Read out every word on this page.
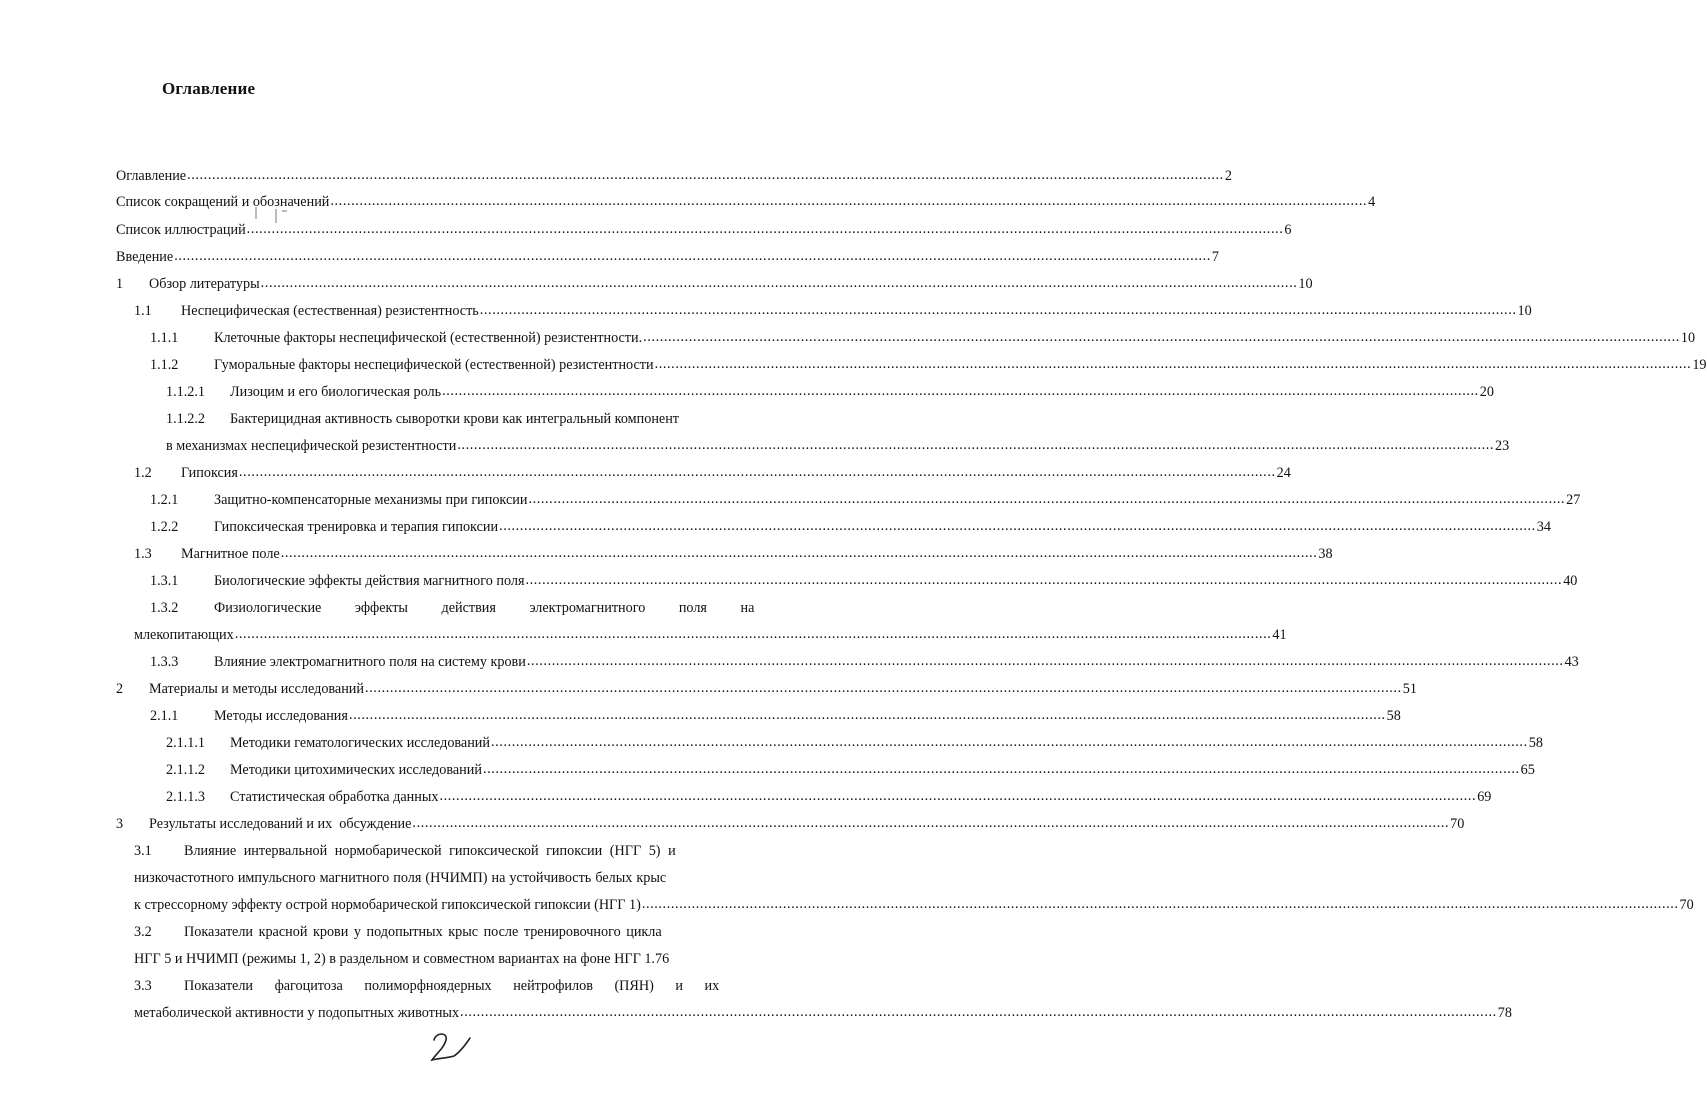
Оглавление
Оглавление .....	2
Список сокращений и обозначений .....	4
Список иллюстраций .....	6
Введение .....	7
1	Обзор литературы .....	10
1.1	Неспецифическая (естественная) резистентность .....	10
1.1.1	Клеточные факторы неспецифической (естественной) резистентности. .....	10
1.1.2	Гуморальные факторы неспецифической (естественной) резистентности .....	19
1.1.2.1	Лизоцим и его биологическая роль .....	20
1.1.2.2	Бактерицидная активность сыворотки крови как интегральный компонент
в механизмах неспецифической резистентности .....	23
1.2	Гипоксия .....	24
1.2.1	Защитно-компенсаторные механизмы при гипоксии .....	27
1.2.2	Гипоксическая тренировка и терапия гипоксии .....	34
1.3	Магнитное поле .....	38
1.3.1	Биологические эффекты действия магнитного поля .....	40
1.3.2	Физиологические эффекты действия электромагнитного поля на
млекопитающих .....	41
1.3.3	Влияние электромагнитного поля на систему крови .....	43
2	Материалы и методы исследований .....	51
2.1.1	Методы исследования .....	58
2.1.1.1	Методики гематологических исследований .....	58
2.1.1.2	Методики цитохимических исследований .....	65
2.1.1.3	Статистическая обработка данных .....	69
3	Результаты исследований и их  обсуждение .....	70
3.1	Влияние интервальной нормобарической гипоксической гипоксии (НГГ 5) и
низкочастотного импульсного магнитного поля (НЧИМП) на устойчивость белых крыс
к стрессорному эффекту острой нормобарической гипоксической гипоксии (НГГ 1) .....	70
3.2	Показатели красной крови у подопытных крыс после тренировочного цикла
НГГ 5 и НЧИМП (режимы 1, 2) в раздельном и совместном вариантах на фоне НГГ 1. 76
3.3	Показатели фагоцитоза полиморфноядерных нейтрофилов (ПЯН) и их
метаболической активности у подопытных животных .....	78
